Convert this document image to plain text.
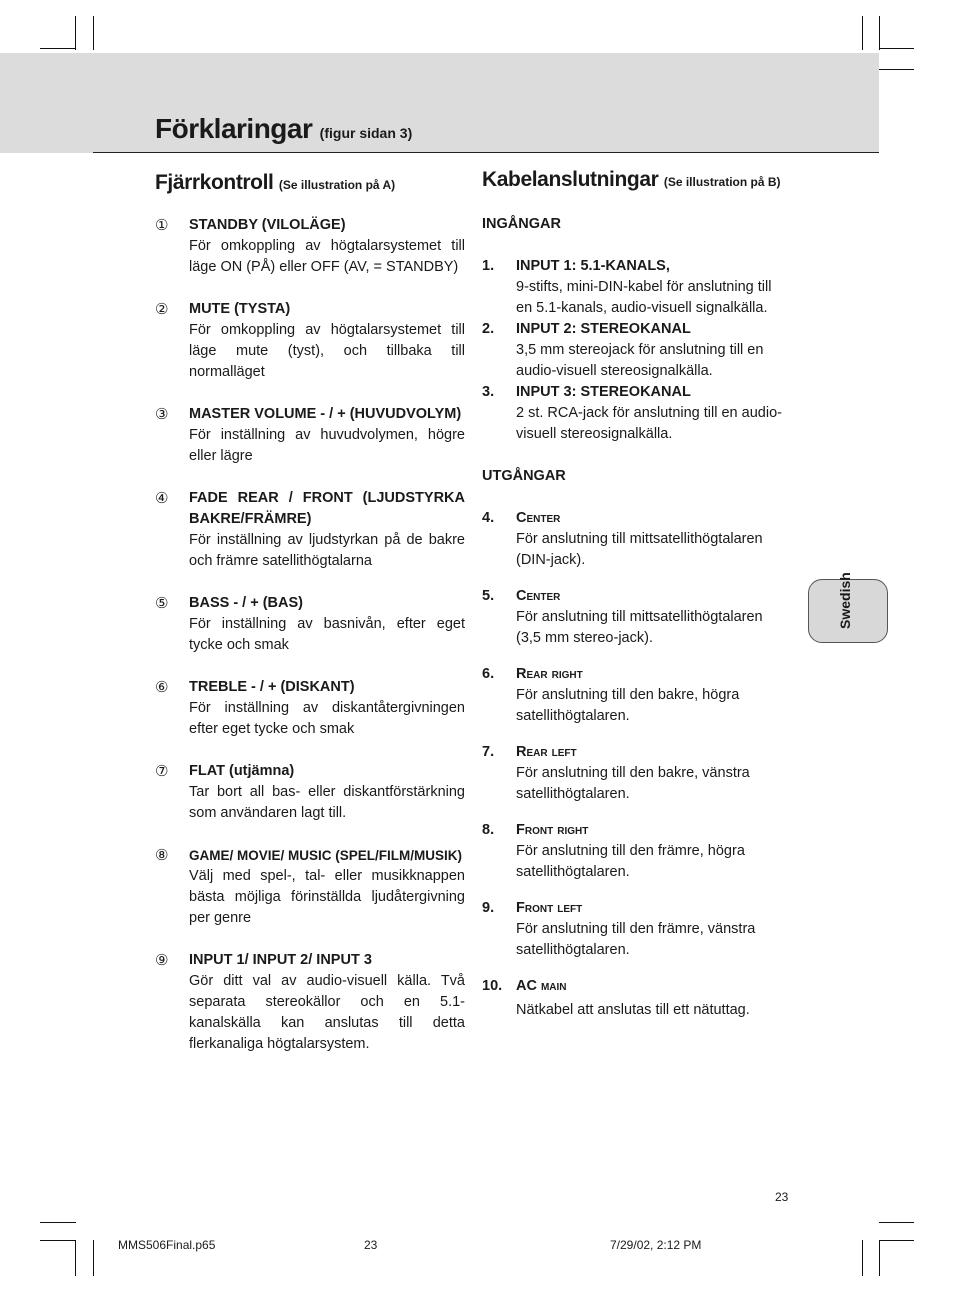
Förklaringar (figur sidan 3)
Fjärrkontroll (Se illustration på A)	Kabelanslutningar (Se illustration på B)
① STANDBY (VILOLÄGE)
För omkoppling av högtalarsystemet till läge ON (PÅ) eller OFF (AV, = STANDBY)
② MUTE (TYSTA)
För omkoppling av högtalarsystemet till läge mute (tyst), och tillbaka till normalläget
③ MASTER VOLUME - / + (HUVUDVOLYM)
För inställning av huvudvolymen, högre eller lägre
④ FADE REAR / FRONT (LJUDSTYRKA BAKRE/FRÄMRE)
För inställning av ljudstyrkan på de bakre och främre satellithögtalarna
⑤ BASS - / + (BAS)
För inställning av basnivån, efter eget tycke och smak
⑥ TREBLE - / + (DISKANT)
För inställning av diskantåtergivningen efter eget tycke och smak
⑦ FLAT (utjämna)
Tar bort all bas- eller diskantförstärkning som användaren lagt till.
⑧ GAME/ MOVIE/ MUSIC (SPEL/FILM/MUSIK)
Välj med spel-, tal- eller musikknappen bästa möjliga förinställda ljudåtergivning per genre
⑨ INPUT 1/ INPUT 2/ INPUT 3
Gör ditt val av audio-visuell källa. Två separata stereokällor och en 5.1-kanalskälla kan anslutas till detta flerkanaliga högtalarsystem.
INGÅNGAR
1. INPUT 1: 5.1-KANALS,
9-stifts, mini-DIN-kabel för anslutning till en 5.1-kanals, audio-visuell signalkälla.
2. INPUT 2: STEREOKANAL
3,5 mm stereojack för anslutning till en audio-visuell stereosignalkälla.
3. INPUT 3: STEREOKANAL
2 st. RCA-jack för anslutning till en audio-visuell stereosignalkälla.
UTGÅNGAR
4. Center
För anslutning till mittsatellithögtalaren (DIN-jack).
5. Center
För anslutning till mittsatellithögtalaren (3,5 mm stereo-jack).
6. Rear right
För anslutning till den bakre, högra satellithögtalaren.
7. Rear left
För anslutning till den bakre, vänstra satellithögtalaren.
8. Front right
För anslutning till den främre, högra satellithögtalaren.
9. Front left
För anslutning till den främre, vänstra satellithögtalaren.
10. AC main
Nätkabel att anslutas till ett nätuttag.
Swedish
23
MMS506Final.p65	23	7/29/02, 2:12 PM
